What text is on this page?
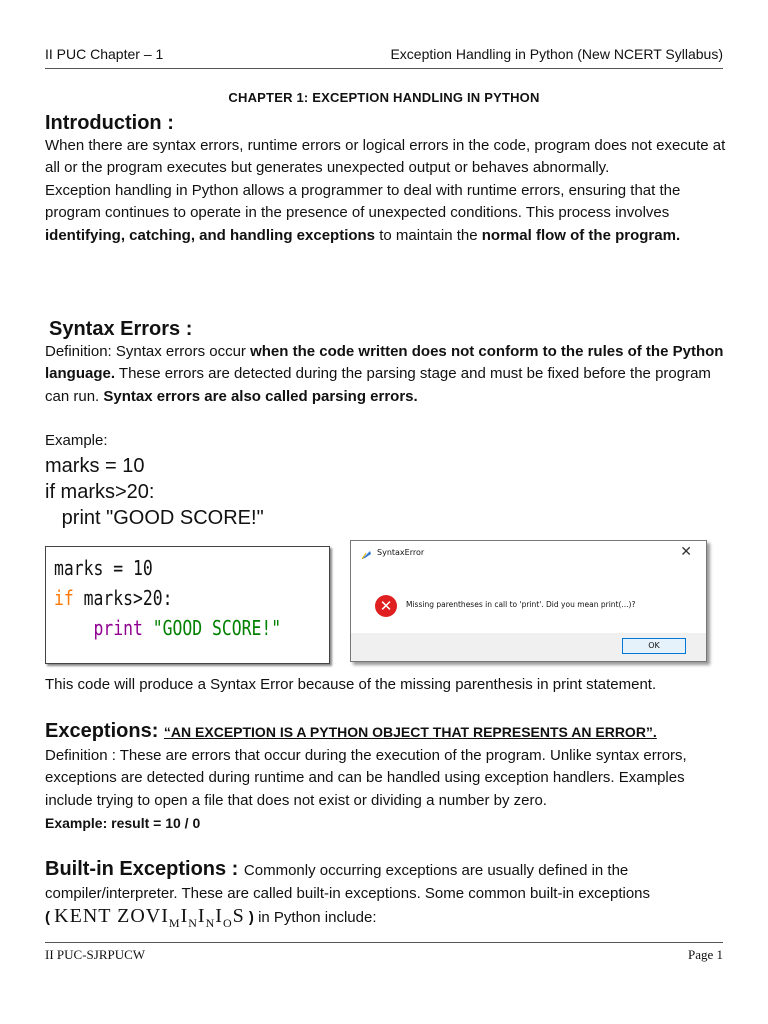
II PUC Chapter – 1	Exception Handling in Python (New NCERT Syllabus)
CHAPTER 1: EXCEPTION HANDLING IN PYTHON
Introduction :

When there are syntax errors, runtime errors or logical errors in the code, program does not execute at all or the program executes but generates unexpected output or behaves abnormally.

Exception handling in Python allows a programmer to deal with runtime errors, ensuring that the program continues to operate in the presence of unexpected conditions. This process involves identifying, catching, and handling exceptions to maintain the normal flow of the program.

Syntax Errors :

Definition: Syntax errors occur when the code written does not conform to the rules of the Python language. These errors are detected during the parsing stage and must be fixed before the program can run. Syntax errors are also called parsing errors.

Example:

marks = 10
if marks>20:
print "GOOD SCORE!"
marks = 10
if marks>20:
print "GOOD SCORE!"
SyntaxError	✕
✕	Missing parentheses in call to 'print'. Did you mean print(...)?
OK
This code will produce a Syntax Error because of the missing parenthesis in print statement.
Exceptions: “AN EXCEPTION IS A PYTHON OBJECT THAT REPRESENTS AN ERROR”.

Definition : These are errors that occur during the execution of the program. Unlike syntax errors, exceptions are detected during runtime and can be handled using exception handlers. Examples include trying to open a file that does not exist or dividing a number by zero.

Example: result = 10 / 0

Built-in Exceptions : Commonly occurring exceptions are usually defined in the compiler/interpreter. These are called built-in exceptions. Some common built-in exceptions

( KENT $ZOVI_MI_NI_NI_OS$ ) in Python include:

II PUC-SJRPUCW	Page 1
